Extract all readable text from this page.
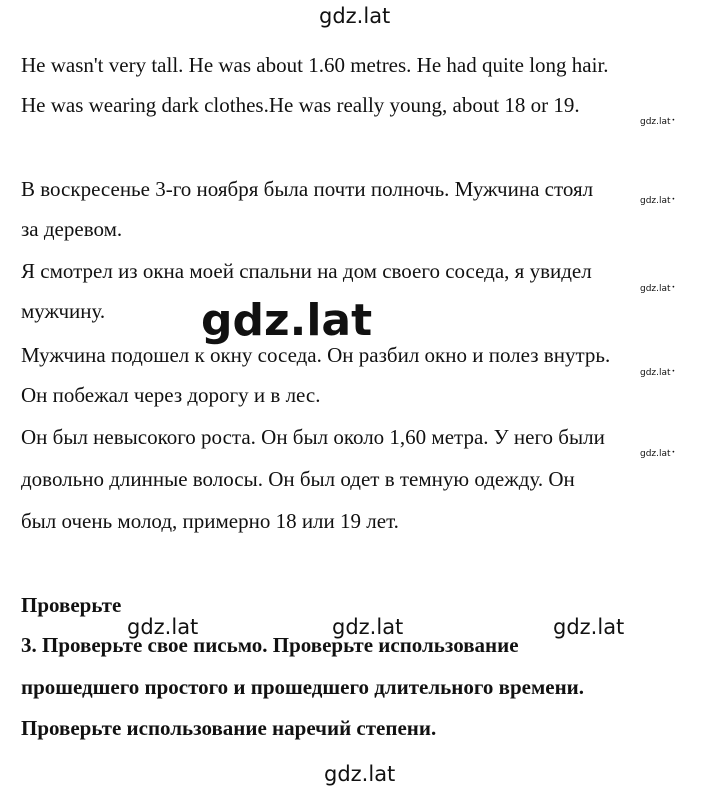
gdz.lat

He wasn't very tall. He was about 1.60 metres. He had quite long hair.

He was wearing dark clothes.He was really young, about 18 or 19.

gdz.lat •

В воскресенье 3-го ноября была почти полночь. Мужчина стоял	gdz.lat •

за деревом.

Я смотрел из окна моей спальни на дом своего соседа, я увидел

gdz.lat •

мужчину. gdz.lat

Мужчина подошел к окну соседа. Он разбил окно и полез внутрь.

gdz.lat •

Он побежал через дорогу и в лес.

Он был невысокого роста. Он был около 1,60 метра. У него были

gdz.lat •

довольно длинные волосы. Он был одет в темную одежду. Он

был очень молод, примерно 18 или 19 лет.

Проверьте

gdz.lat	gdz.lat	gdz.lat

3. Проверьте свое письмо. Проверьте использование

прошедшего простого и прошедшего длительного времени.

Проверьте использование наречий степени.

gdz.lat
